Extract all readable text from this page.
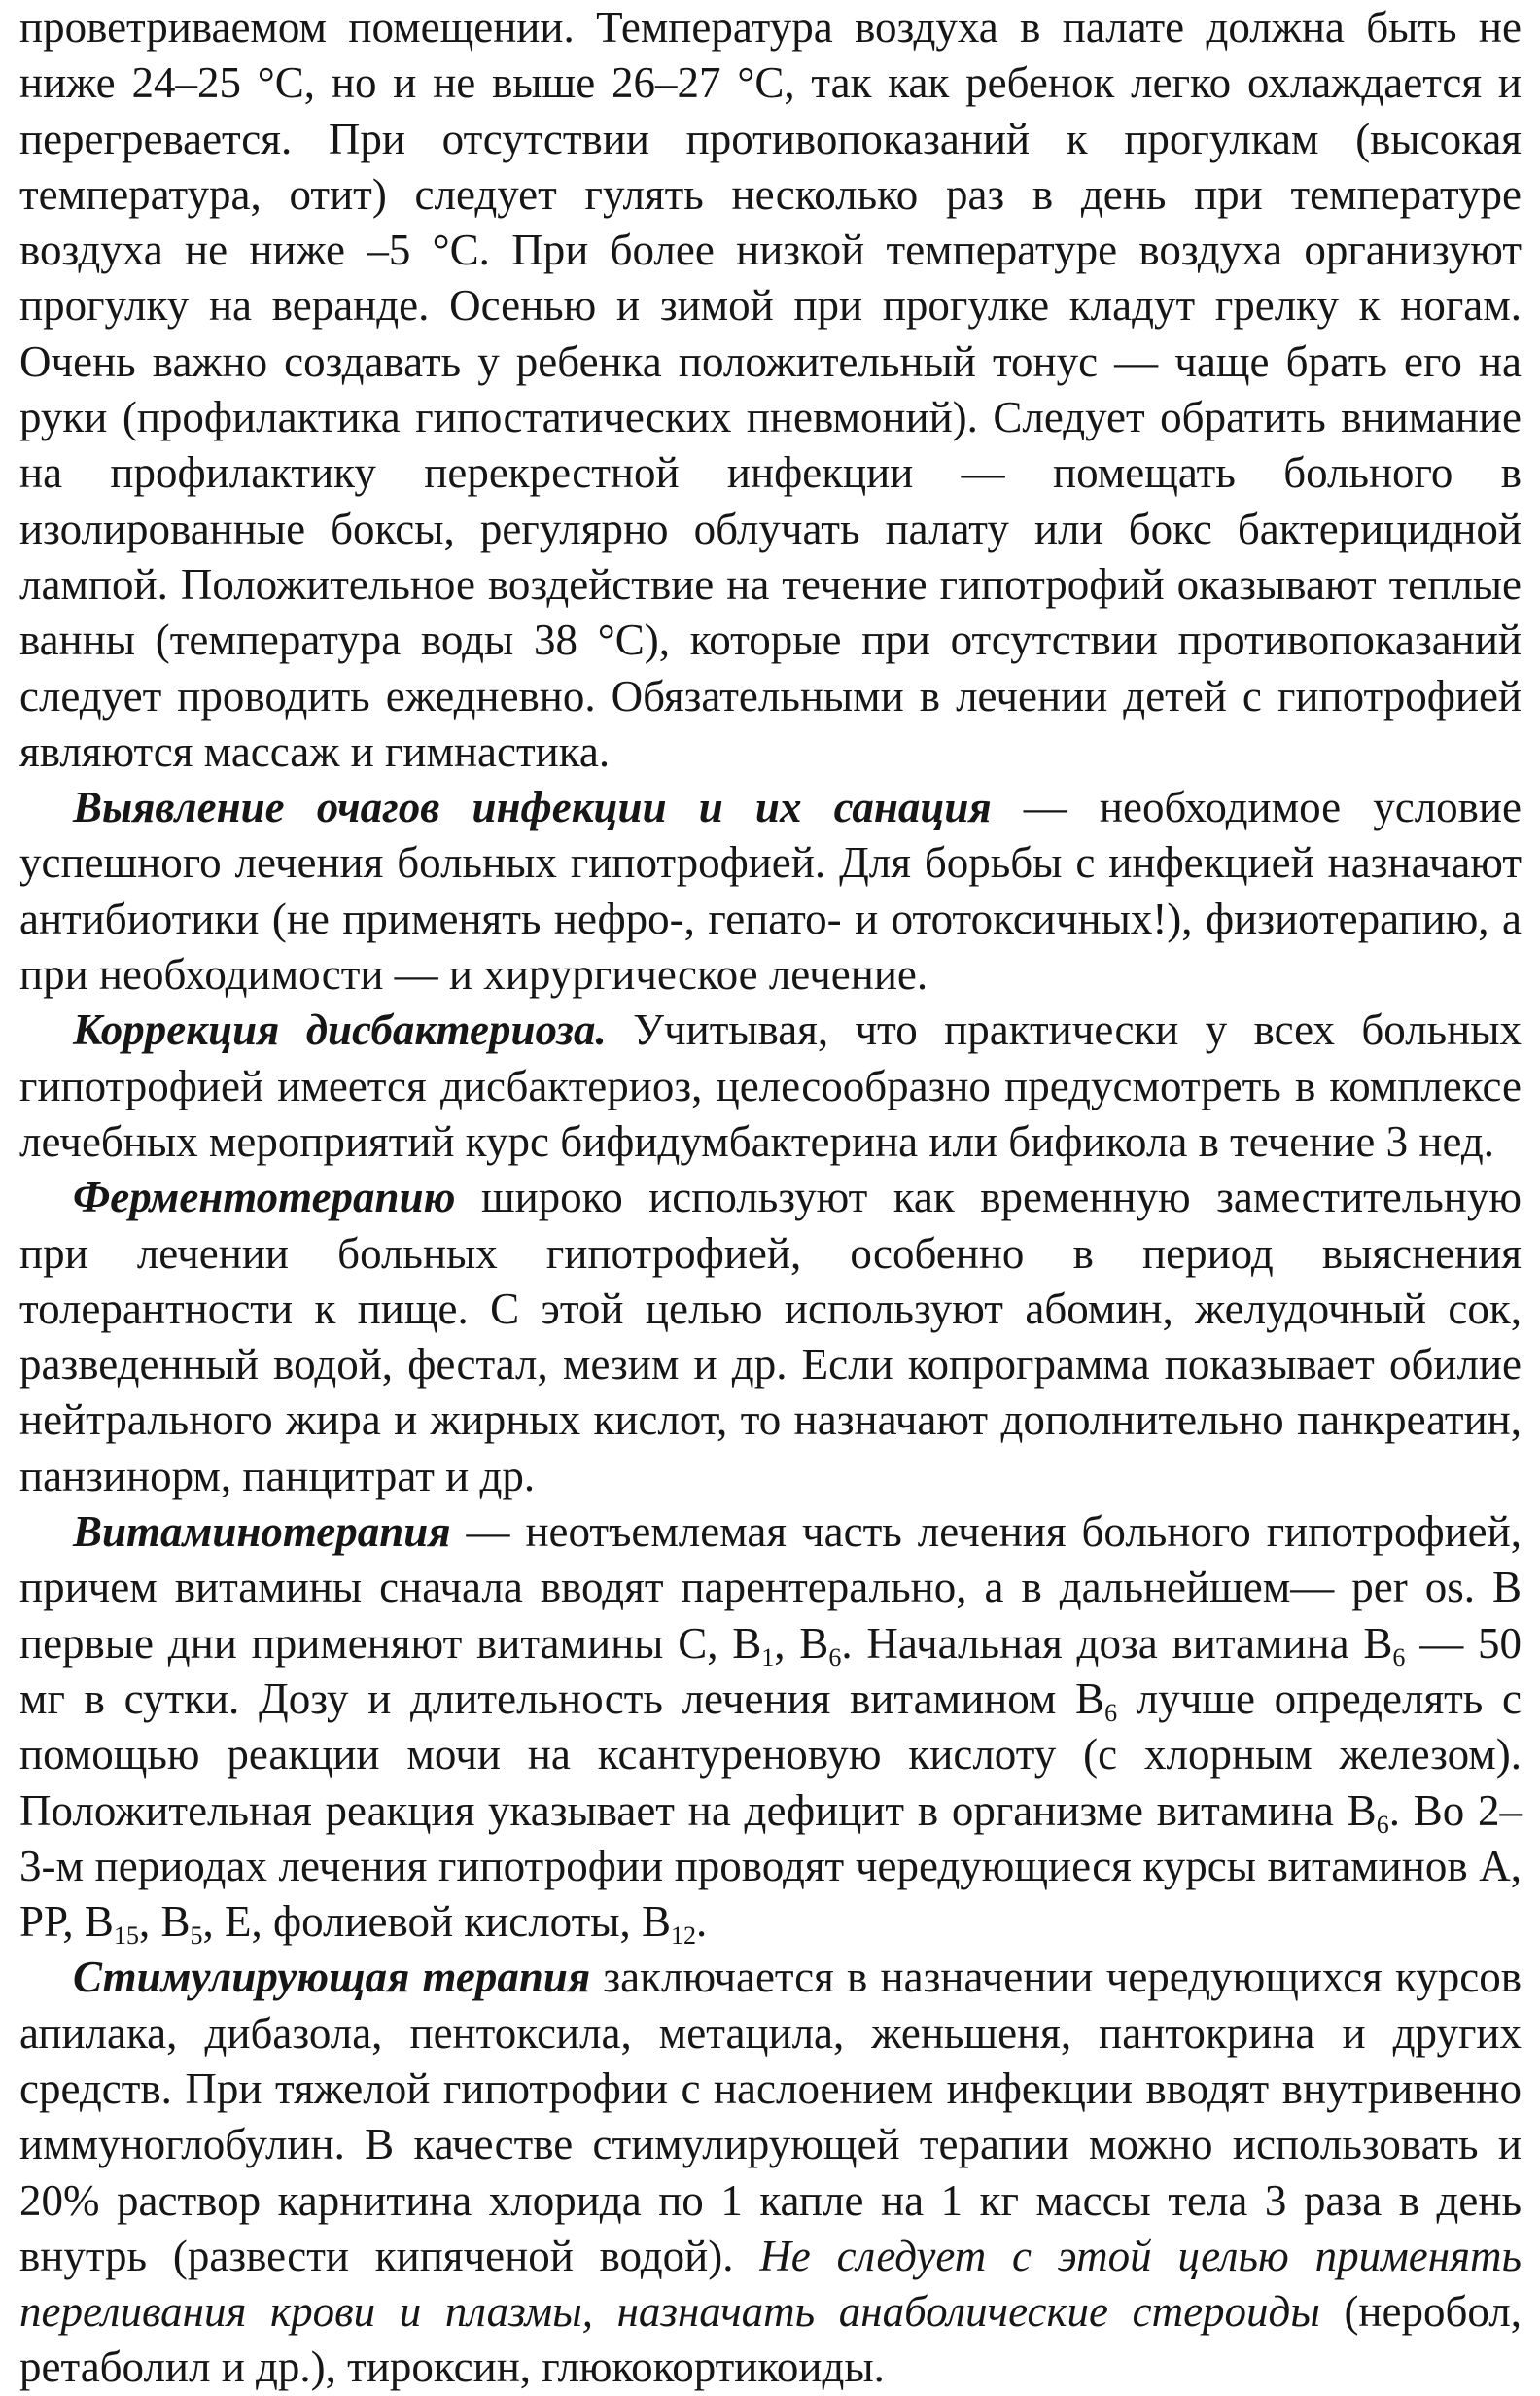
проветриваемом помещении. Температура воздуха в палате должна быть не ниже 24–25 °С, но и не выше 26–27 °С, так как ребенок легко охлаждается и перегревается. При отсутствии противопоказаний к прогулкам (высокая температура, отит) следует гулять несколько раз в день при температуре воздуха не ниже –5 °С. При более низкой температуре воздуха организуют прогулку на веранде. Осенью и зимой при прогулке кладут грелку к ногам. Очень важно создавать у ребенка положительный тонус — чаще брать его на руки (профилактика гипостатических пневмоний). Следует обратить внимание на профилактику перекрестной инфекции — помещать больного в изолированные боксы, регулярно облучать палату или бокс бактерицидной лампой. Положительное воздействие на течение гипотрофий оказывают теплые ванны (температура воды 38 °С), которые при отсутствии противопоказаний следует проводить ежедневно. Обязательными в лечении детей с гипотрофией являются массаж и гимнастика.

Выявление очагов инфекции и их санация — необходимое условие успешного лечения больных гипотрофией. Для борьбы с инфекцией назначают антибиотики (не применять нефро-, гепато- и ототоксичных!), физиотерапию, а при необходимости — и хирургическое лечение.

Коррекция дисбактериоза. Учитывая, что практически у всех больных гипотрофией имеется дисбактериоз, целесообразно предусмотреть в комплексе лечебных мероприятий курс бифидумбактерина или бификола в течение 3 нед.

Ферментотерапию широко используют как временную заместительную при лечении больных гипотрофией, особенно в период выяснения толерантности к пище. С этой целью используют абомин, желудочный сок, разведенный водой, фестал, мезим и др. Если копрограмма показывает обилие нейтрального жира и жирных кислот, то назначают дополнительно панкреатин, панзинорм, панцитрат и др.

Витаминотерапия — неотъемлемая часть лечения больного гипотрофией, причем витамины сначала вводят парентерально, а в дальнейшем— per os. В первые дни применяют витамины С, $В_1$, $В_6$. Начальная доза витамина $В_6$ — 50 мг в сутки. Дозу и длительность лечения витамином $В_6$ лучше определять с помощью реакции мочи на ксантуреновую кислоту (с хлорным железом). Положительная реакция указывает на дефицит в организме витамина $В_6$. Во 2–3-м периодах лечения гипотрофии проводят чередующиеся курсы витаминов А, РР, $В_{15}$, $В_5$, Е, фолиевой кислоты, $В_{12}$.

Стимулирующая терапия заключается в назначении чередующихся курсов апилака, дибазола, пентоксила, метацила, женьшеня, пантокрина и других средств. При тяжелой гипотрофии с наслоением инфекции вводят внутривенно иммуноглобулин. В качестве стимулирующей терапии можно использовать и 20% раствор карнитина хлорида по 1 капле на 1 кг массы тела 3 раза в день внутрь (развести кипяченой водой). Не следует с этой целью применять переливания крови и плазмы, назначать анаболические стероиды (неробол, ретаболил и др.), тироксин, глюкокортикоиды.
